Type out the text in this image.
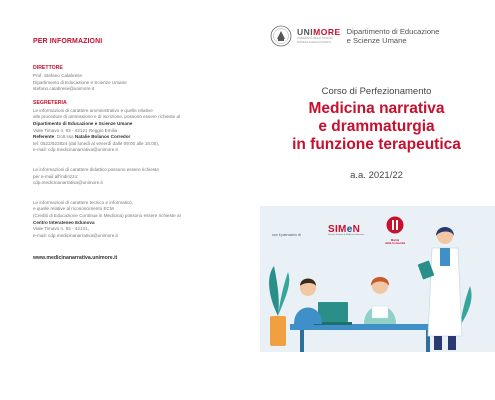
PER INFORMAZIONI
DIRETTORE
Prof. Stefano Calabrese
Dipartimento di Educazione e Scienze Umane
stefano.calabrese@unimore.it
SEGRETERIA
Le informazioni di carattere amministrativo e quelle relative
alle procedure di ammissione e di iscrizione, possono essere richieste al
Dipartimento di Educazione e Scienze Umane
Viale Timavo n. 93 - 42121 Reggio Emilia
Referente: Dott.ssa Natalie Bolanos Corredor
tel. 0522/523824 (dal lunedì al venerdì dalle 09:00 alle 16:00),
e-mail: cdp.medicinanarrativa@unimore.it
Le informazioni di carattere didattico possono essere richieste
per e-mail all'indirizzo:
cdp.medicinanarrativa@unimore.it
Le informazioni di carattere tecnico e informatico,
e quelle relative al riconoscimento ECM
(Crediti di Educazione Continua in Medicina) possono essere richieste al
Centro Interateneo Edunova
Viale Timavo n. 93 - 42121,
e-mail: cdp.medicinanarrativa@unimore.it
www.medicinanarrativa.unimore.it
UNIMORE
UNIVERSITÀ DEGLI STUDI DI MODENA E REGGIO EMILIA
Dipartimento di Educazione
e Scienze Umane
Corso di Perfezionamento
Medicina narrativa
e drammaturgia
in funzione terapeutica
a.a. 2021/22
con il patrocinio di	SIMeN
Società Italiana di Medicina Narrativa
Marmi
della Comunità
